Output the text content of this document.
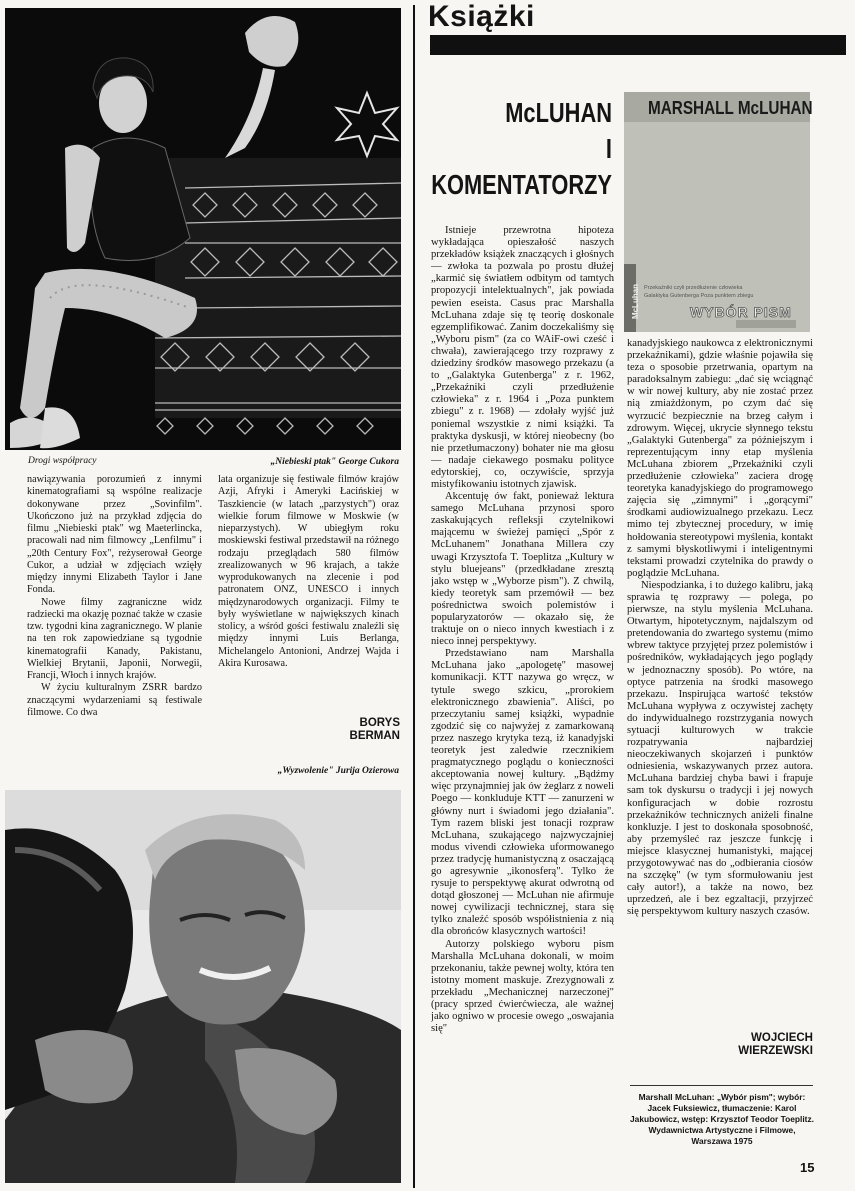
Drogi współpracy	„Niebieski ptak" George Cukora

nawiązywania porozumień z innymi kinematografiami są wspólne realizacje dokonywane przez „Sovinfilm". Ukończono już na przykład zdjęcia do filmu „Niebieski ptak" wg Maeterlincka, pracowali nad nim filmowcy „Lenfilmu" i „20th Century Fox", reżyserował George Cukor, a udział w zdjęciach wzięły między innymi Elizabeth Taylor i Jane Fonda.

Nowe filmy zagraniczne widz radziecki ma okazję poznać także w czasie tzw. tygodni kina zagranicznego. W planie na ten rok zapowiedziane są tygodnie kinematografii Kanady, Pakistanu, Wielkiej Brytanii, Japonii, Norwegii, Francji, Włoch i innych krajów.

W życiu kulturalnym ZSRR bardzo znaczącymi wydarzeniami są festiwale filmowe. Co dwa

lata organizuje się festiwale filmów krajów Azji, Afryki i Ameryki Łacińskiej w Taszkiencie (w latach „parzystych") oraz wielkie forum filmowe w Moskwie (w nieparzystych). W ubiegłym roku moskiewski festiwal przedstawił na różnego rodzaju przeglądach 580 filmów zrealizowanych w 96 krajach, a także wyprodukowanych na zlecenie i pod patronatem ONZ, UNESCO i innych międzynarodowych organizacji. Filmy te były wyświetlane w największych kinach stolicy, a wśród gości festiwalu znaleźli się między innymi Luis Berlanga, Michelangelo Antonioni, Andrzej Wajda i Akira Kurosawa.

BORYS
BERMAN
„Wyzwolenie" Jurija Ozierowa
Książki
McLUHAN
I
KOMENTATORZY
MARSHALL McLUHAN
McLuhan Przekaźniki czyli przedłużenie człowieka
Galaktyka Gutenberga Poza punktem zbiegu
WYBÓR PISM

Istnieje przewrotna hipoteza wykładająca opieszałość naszych przekładów książek znaczących i głośnych — zwłoka ta pozwala po prostu dłużej „karmić się światłem odbitym od tamtych propozycji intelektualnych", jak powiada pewien eseista. Casus prac Marshalla McLuhana zdaje się tę teorię doskonale egzemplifikować. Zanim doczekaliśmy się „Wyboru pism" (za co WAiF-owi cześć i chwała), zawierającego trzy rozprawy z dziedziny środków masowego przekazu (a to „Galaktyka Gutenberga" z r. 1962, „Przekaźniki czyli przedłużenie człowieka" z r. 1964 i „Poza punktem zbiegu" z r. 1968) — zdołały wyjść już poniemal wszystkie z nimi książki. Ta praktyka dyskusji, w której nieobecny (bo nie przetłumaczony) bohater nie ma głosu — nadaje ciekawego posmaku polityce edytorskiej, co, oczywiście, sprzyja mistyfikowaniu istotnych zjawisk.

Akcentuję ów fakt, ponieważ lektura samego McLuhana przynosi sporo zaskakujących refleksji czytelnikowi mającemu w świeżej pamięci „Spór z McLuhanem" Jonathana Millera czy uwagi Krzysztofa T. Toeplitza „Kultury w stylu bluejeans" (przedkładane zresztą jako wstęp w „Wyborze pism"). Z chwilą, kiedy teoretyk sam przemówił — bez pośrednictwa swoich polemistów i popularyzatorów — okazało się, że traktuje on o nieco innych kwestiach i z nieco innej perspektywy.

Przedstawiano nam Marshalla McLuhana jako „apologetę" masowej komunikacji. KTT nazywa go wręcz, w tytule swego szkicu, „prorokiem elektronicznego zbawienia". Aliści, po przeczytaniu samej książki, wypadnie zgodzić się co najwyżej z zamarkowaną przez naszego krytyka tezą, iż kanadyjski teoretyk jest zaledwie rzecznikiem pragmatycznego poglądu o konieczności akceptowania nowej kultury. „Bądźmy więc przynajmniej jak ów żeglarz z noweli Poego — konkluduje KTT — zanurzeni w główny nurt i świadomi jego działania". Tym razem bliski jest tonacji rozpraw McLuhana, szukającego najzwyczajniej modus vivendi człowieka uformowanego przez tradycję humanistyczną z osaczającą go agresywnie „ikonosferą". Tylko że rysuje to perspektywę akurat odwrotną od dotąd głoszonej — McLuhan nie afirmuje nowej cywilizacji technicznej, stara się tylko znaleźć sposób współistnienia z nią dla obrońców klasycznych wartości!

Autorzy polskiego wyboru pism Marshalla McLuhana dokonali, w moim przekonaniu, także pewnej wolty, która ten istotny moment maskuje. Zrezygnowali z przekładu „Mechanicznej narzeczonej" (pracy sprzed ćwierćwiecza, ale ważnej jako ogniwo w procesie owego „oswajania się"

kanadyjskiego naukowca z elektronicznymi przekaźnikami), gdzie właśnie pojawiła się teza o sposobie przetrwania, opartym na paradoksalnym zabiegu: „dać się wciągnąć w wir nowej kultury, aby nie zostać przez nią zmiażdżonym, po czym dać się wyrzucić bezpiecznie na brzeg całym i zdrowym. Więcej, ukrycie słynnego tekstu „Galaktyki Gutenberga" za późniejszym i reprezentującym inny etap myślenia McLuhana zbiorem „Przekaźniki czyli przedłużenie człowieka" zaciera drogę teoretyka kanadyjskiego do programowego zajęcia się „zimnymi" i „gorącymi" środkami audiowizualnego przekazu. Lecz mimo tej zbytecznej procedury, w imię hołdowania stereotypowi myślenia, kontakt z samymi błyskotliwymi i inteligentnymi tekstami prowadzi czytelnika do prawdy o poglądzie McLuhana.

Niespodzianka, i to dużego kalibru, jaką sprawia tę rozprawy — polega, po pierwsze, na stylu myślenia McLuhana. Otwartym, hipotetycznym, najdalszym od pretendowania do zwartego systemu (mimo wbrew taktyce przyjętej przez polemistów i pośredników, wykładających jego poglądy w jednoznaczny sposób). Po wtóre, na optyce patrzenia na środki masowego przekazu. Inspirująca wartość tekstów McLuhana wypływa z oczywistej zachęty do indywidualnego rozstrzygania nowych sytuacji kulturowych w trakcie rozpatrywania najbardziej nieoczekiwanych skojarzeń i punktów odniesienia, wskazywanych przez autora. McLuhana bardziej chyba bawi i frapuje sam tok dyskursu o tradycji i jej nowych konfiguracjach w dobie rozrostu przekaźników technicznych aniżeli finalne konkluzje. I jest to doskonała sposobność, aby przemyśleć raz jeszcze funkcję i miejsce klasycznej humanistyki, mającej przygotowywać nas do „odbierania ciosów na szczękę" (w tym sformułowaniu jest cały autor!), a także na nowo, bez uprzedzeń, ale i bez egzaltacji, przyjrzeć się perspektywom kultury naszych czasów.

WOJCIECH
WIERZEWSKI
Marshall McLuhan: „Wybór pism"; wybór: Jacek Fuksiewicz, tłumaczenie: Karol Jakubowicz, wstęp: Krzysztof Teodor Toeplitz. Wydawnictwa Artystyczne i Filmowe, Warszawa 1975
15
